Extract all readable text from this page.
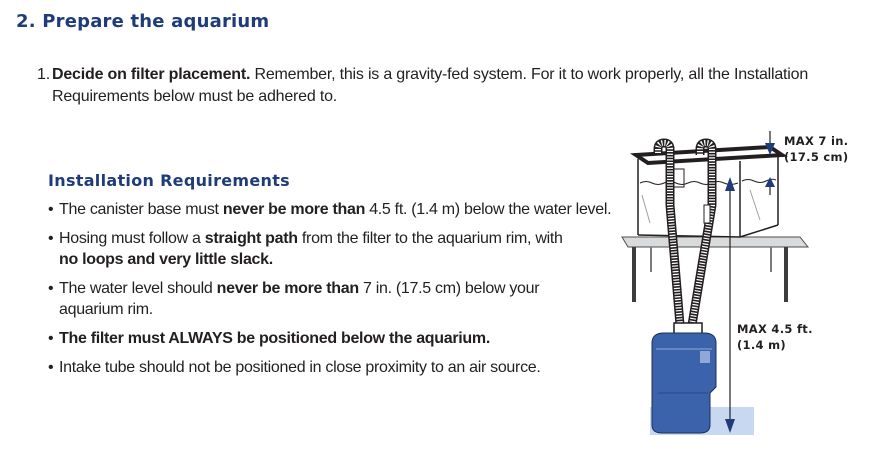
2. Prepare the aquarium
1. Decide on filter placement. Remember, this is a gravity-fed system. For it to work properly, all the Installation
Requirements below must be adhered to.
Installation Requirements
• The canister base must never be more than 4.5 ft. (1.4 m) below the water level.
• Hosing must follow a straight path from the filter to the aquarium rim, with
no loops and very little slack.
• The water level should never be more than 7 in. (17.5 cm) below your
aquarium rim.
• The filter must ALWAYS be positioned below the aquarium.
• Intake tube should not be positioned in close proximity to an air source.
MAX 7 in.
(17.5 cm)
MAX 4.5 ft.
(1.4 m)
